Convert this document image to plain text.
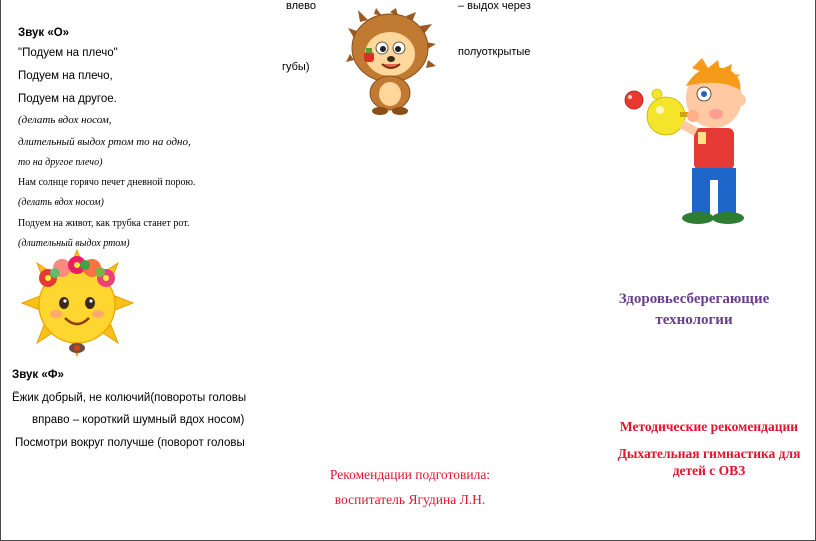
влево	– выдох через
полуоткрытые
губы)
Звук «О»
"Подуем на плечо"
Подуем на плечо,
Подуем на другое.
(делать вдох носом,
длительный выдох ртом то на одно,
то на другое плечо)
Нам солнце горячо печет дневной порою.
(делать вдох носом)
Подуем на живот, как трубка станет рот.
(длительный выдох ртом)
Здоровьесберегающие
технологии
Методические рекомендации
Дыхательная гимнастика для
детей с ОВЗ
Звук «Ф»
Ёжик добрый, не колючий(повороты головы
вправо – короткий шумный вдох носом)
Посмотри вокруг получше (поворот головы
Рекомендации подготовила:
воспитатель Ягудина Л.Н.
